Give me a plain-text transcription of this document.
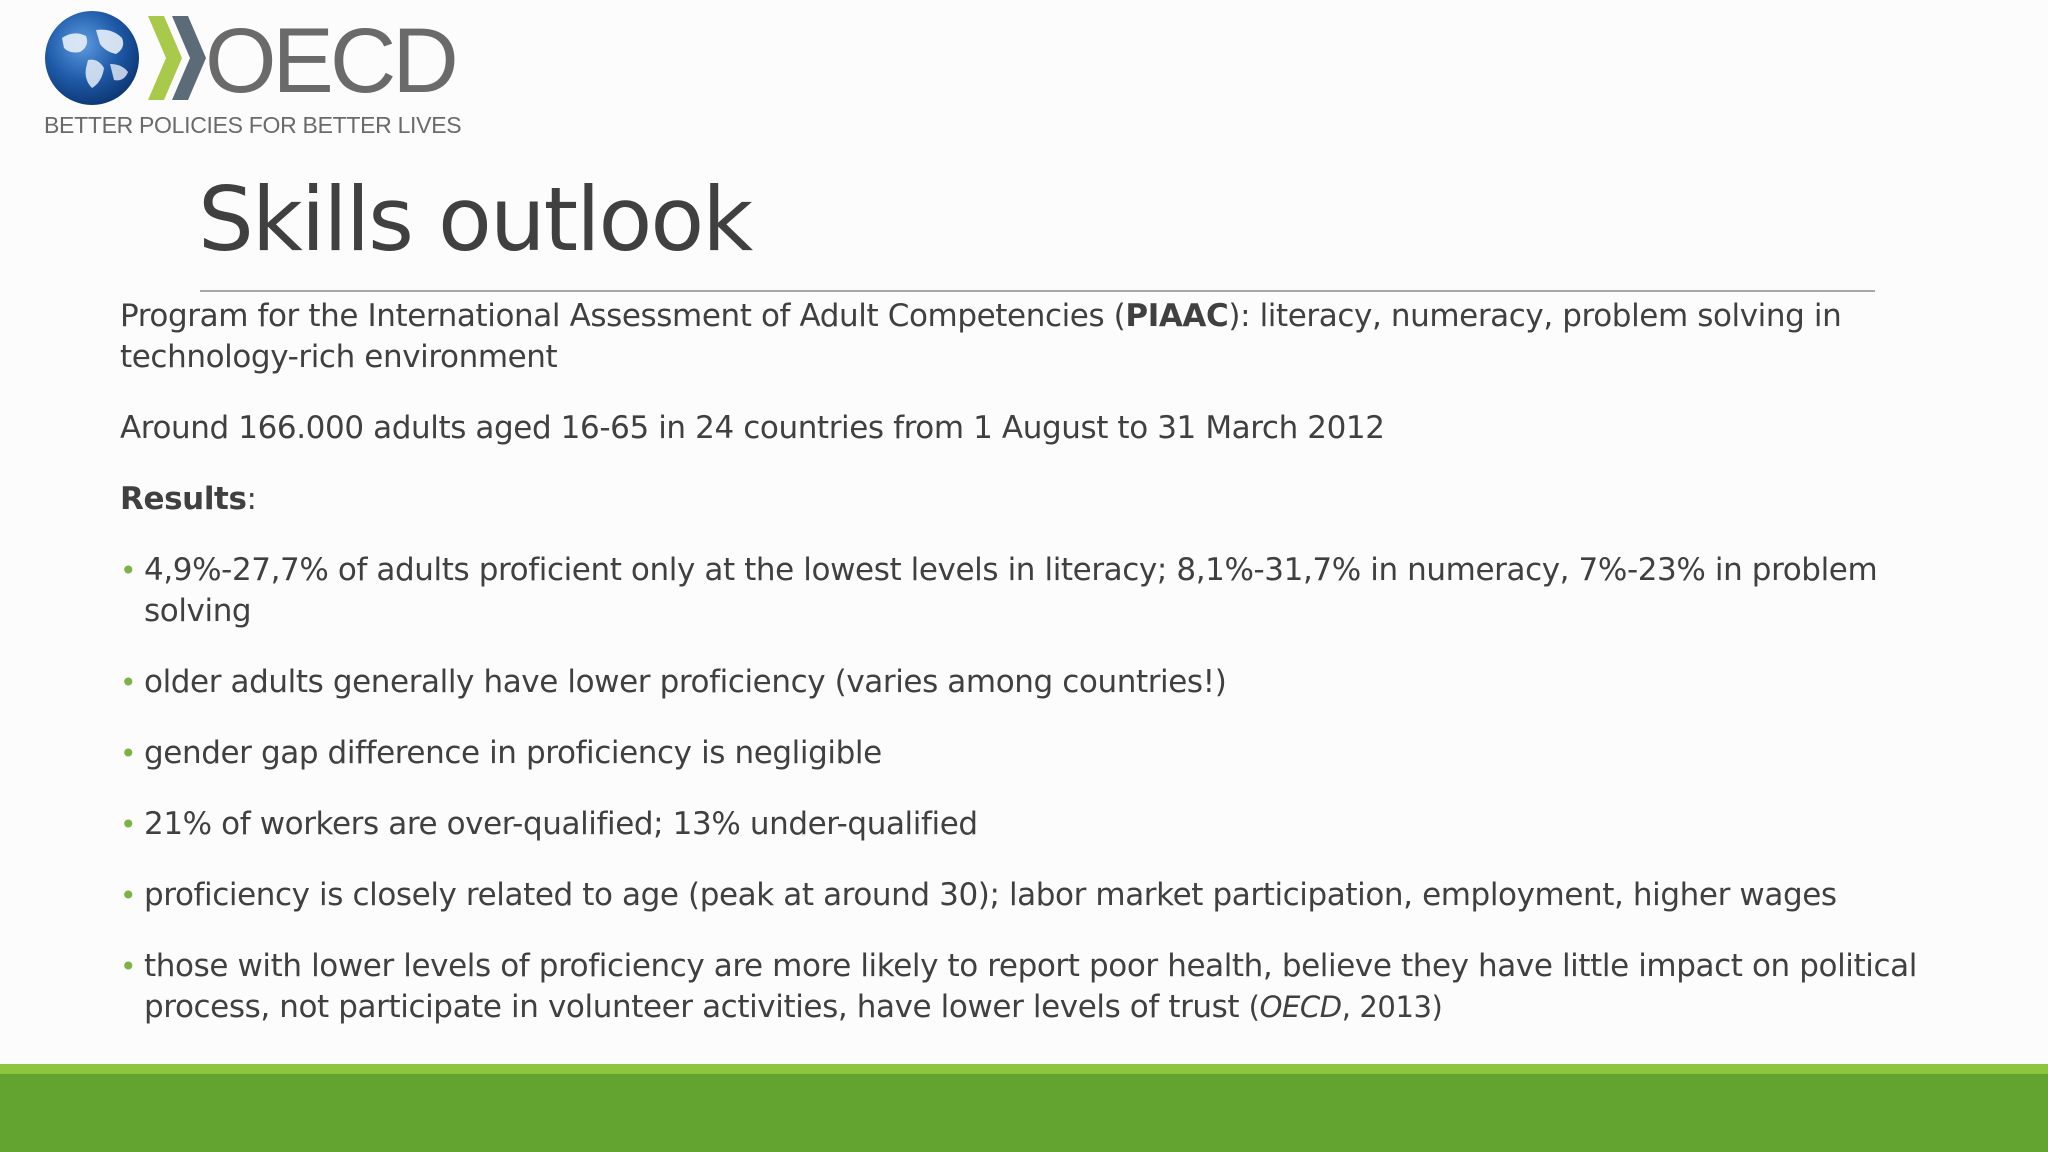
OECD
BETTER POLICIES FOR BETTER LIVES
Skills outlook

Program for the International Assessment of Adult Competencies (PIAAC): literacy, numeracy, problem solving in technology-rich environment

Around 166.000 adults aged 16-65 in 24 countries from 1 August to 31 March 2012

Results:

• 4,9%-27,7% of adults proficient only at the lowest levels in literacy; 8,1%-31,7% in numeracy, 7%-23% in problem solving
• older adults generally have lower proficiency (varies among countries!)
• gender gap difference in proficiency is negligible
• 21% of workers are over-qualified; 13% under-qualified
• proficiency is closely related to age (peak at around 30); labor market participation, employment, higher wages
• those with lower levels of proficiency are more likely to report poor health, believe they have little impact on political process, not participate in volunteer activities, have lower levels of trust (OECD, 2013)
